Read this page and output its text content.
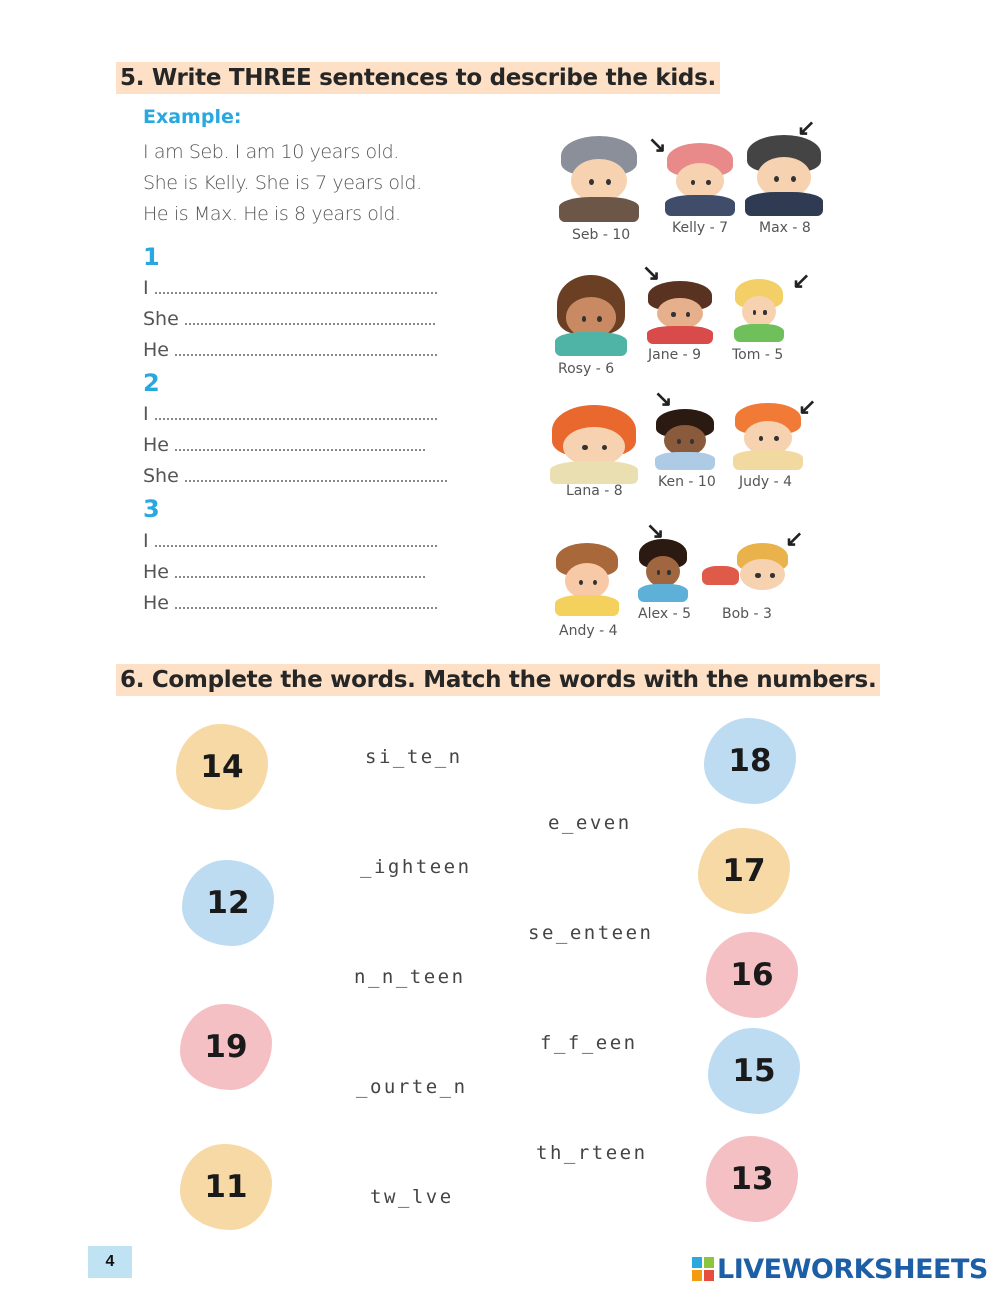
5. Write THREE sentences to describe the kids.
Example:
I am Seb. I am 10 years old.
She is Kelly. She is 7 years old.
He is Max. He is 8 years old.
1
I
She
He
2
I
He
She
3
I
He
He
↘
↙
Seb - 10	Kelly - 7 Max - 8
↘	↙
Rosy - 6
Jane - 9 Tom - 5
↘	↙
Lana - 8
Ken - 10 Judy - 4
↘	↙
Andy - 4
Alex - 5 Bob - 3
6. Complete the words. Match the words with the numbers.
14
12
19
11
18
17
16
15
13
si_te_n
_ighteen
n_n_teen
_ourte_n
tw_lve
e_even
se_enteen
f_f_een
th_rteen
4	LIVEWORKSHEETS
